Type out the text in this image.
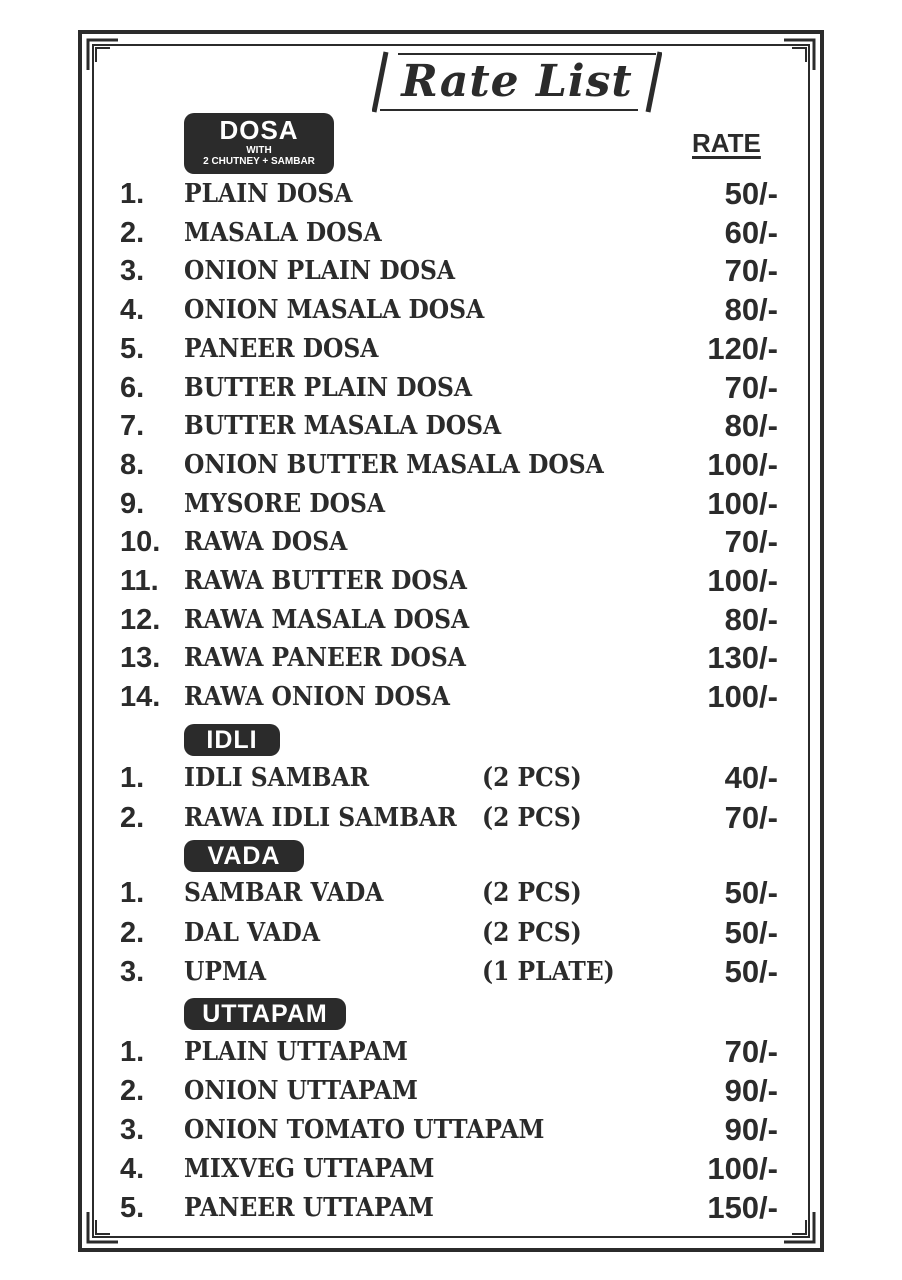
Rate List
RATE
DOSA
WITH
2 CHUTNEY + SAMBAR
1.	PLAIN DOSA	50/-
2.	MASALA DOSA	60/-
3.	ONION PLAIN DOSA	70/-
4.	ONION MASALA DOSA	80/-
5.	PANEER DOSA	120/-
6.	BUTTER PLAIN DOSA	70/-
7.	BUTTER MASALA DOSA	80/-
8.	ONION BUTTER MASALA DOSA	100/-
9.	MYSORE DOSA	100/-
10. RAWA DOSA	70/-
11. RAWA BUTTER DOSA	100/-
12. RAWA MASALA DOSA	80/-
13. RAWA PANEER DOSA	130/-
14. RAWA ONION DOSA	100/-
IDLI
1.	IDLI SAMBAR	(2 PCS)	40/-
2.	RAWA IDLI SAMBAR (2 PCS)	70/-
VADA
1.	SAMBAR VADA	(2 PCS)	50/-
2.	DAL VADA	(2 PCS)	50/-
3.	UPMA	(1 PLATE)	50/-
UTTAPAM
1.	PLAIN UTTAPAM	70/-
2.	ONION UTTAPAM	90/-
3.	ONION TOMATO UTTAPAM	90/-
4.	MIXVEG UTTAPAM	100/-
5.	PANEER UTTAPAM	150/-
